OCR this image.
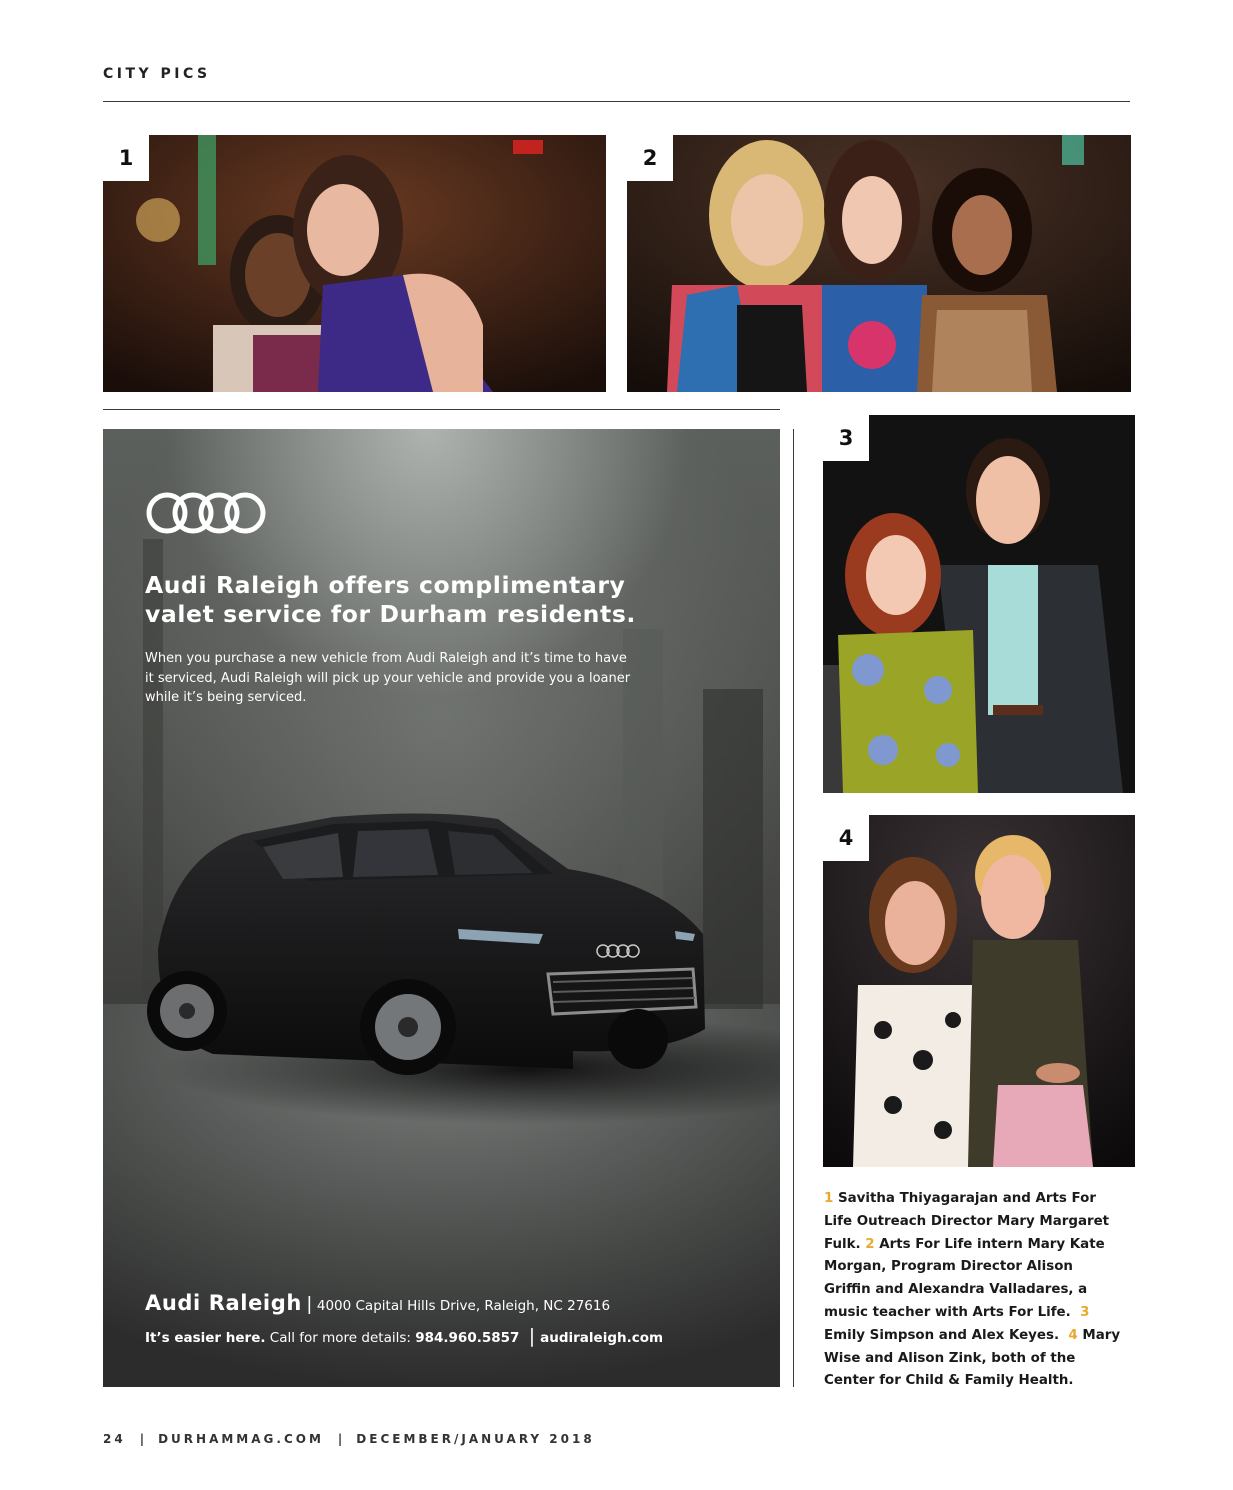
CITY PICS
1	2
Audi Raleigh offers complimentary
valet service for Durham residents.
When you purchase a new vehicle from Audi Raleigh and it’s time to have
it serviced, Audi Raleigh will pick up your vehicle and provide you a loaner
while it’s being serviced.
Audi Raleigh | 4000 Capital Hills Drive, Raleigh, NC 27616
It’s easier here. Call for more details: 984.960.5857 | audiraleigh.com
3
4
1 Savitha Thiyagarajan and Arts For Life Outreach Director Mary Margaret Fulk. 2 Arts For Life intern Mary Kate Morgan, Program Director Alison Griffin and Alexandra Valladares, a music teacher with Arts For Life. 3 Emily Simpson and Alex Keyes. 4 Mary Wise and Alison Zink, both of the Center for Child & Family Health.
24 | DURHAMMAG.COM | DECEMBER/JANUARY 2018
